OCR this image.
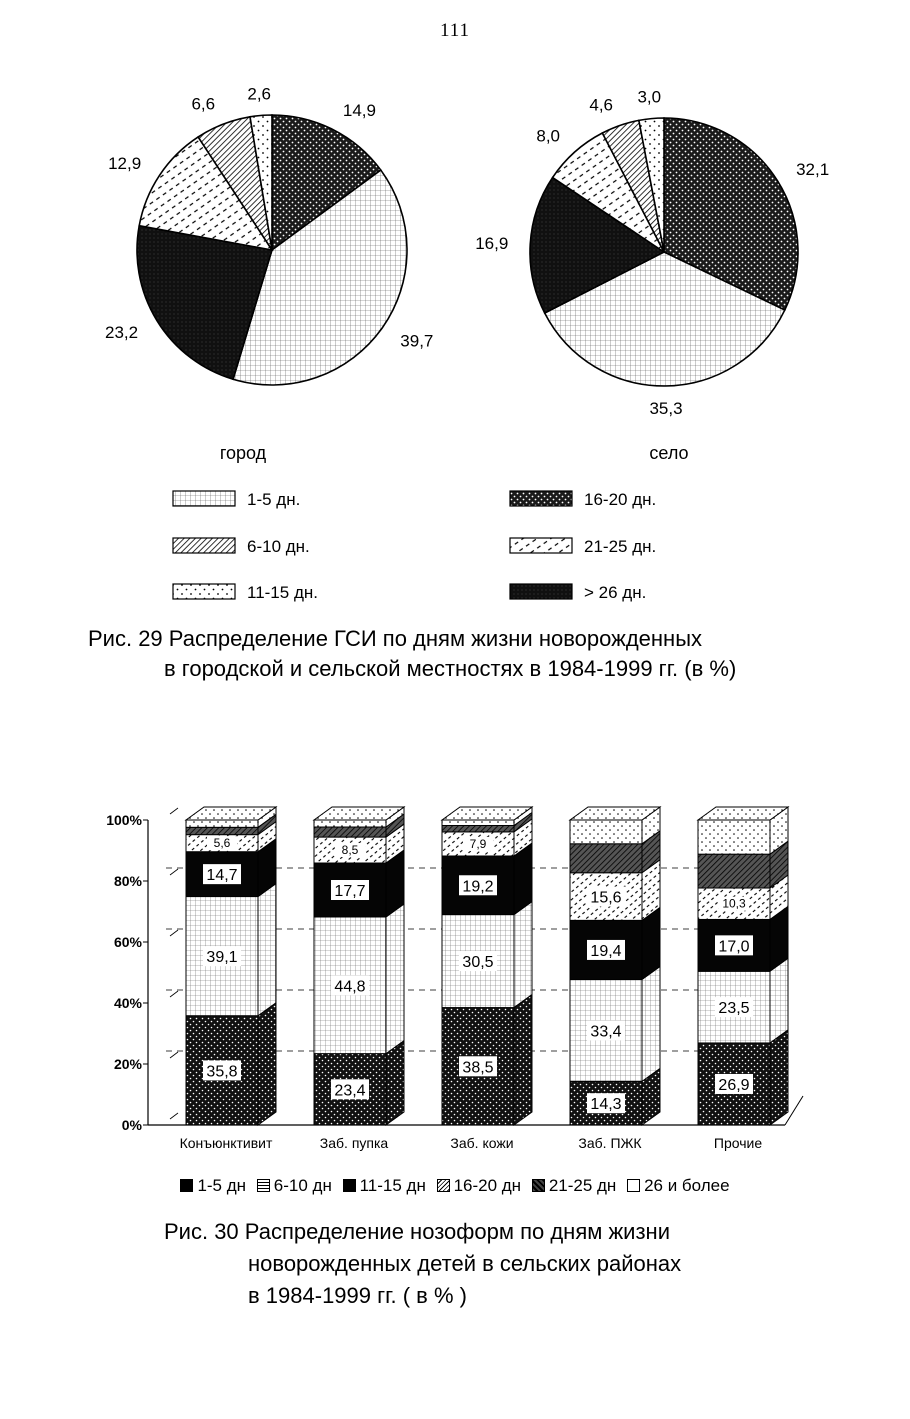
111
14,9
39,7
23,2
12,9
6,6
2,6
32,1
35,3
16,9
8,0
4,6 3,0
город	село
1-5 дн.	16-20 дн.
6-10 дн.	21-25 дн.
11-15 дн.	> 26 дн.
Рис. 29 Распределение ГСИ по дням жизни новорожденных
в городской и сельской местностях в 1984-1999 гг. (в %)
0%
20%
40%
60%
80%
100%
35,8
39,1
14,7
5,6
23,4
44,8
17,7
8,5
38,5
30,5
19,2
7,9
14,3
33,4
19,4
15,6
26,9
23,5
17,0
10,3
Конъюнктивит	Заб. пупка	Заб. кожи	Заб. ПЖК	Прочие
1-5 дн 6-10 дн 11-15 дн 16-20 дн 21-25 дн 26 и более
Рис. 30 Распределение нозоформ по дням жизни
новорожденных детей в сельских районах
в 1984-1999 гг. ( в % )
